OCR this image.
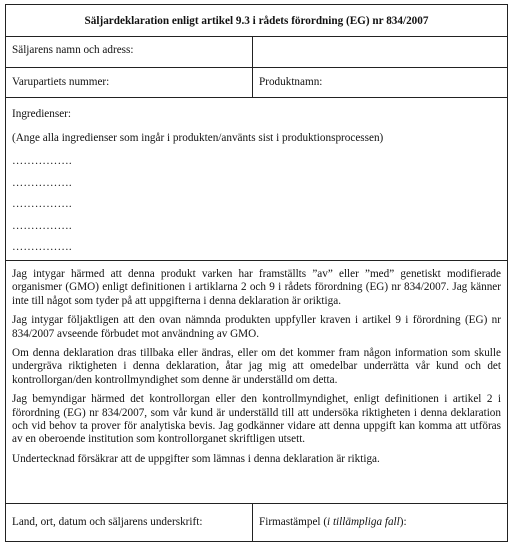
Säljardeklaration enligt artikel 9.3 i rådets förordning (EG) nr 834/2007
Säljarens namn och adress:
Varupartiets nummer:	Produktnamn:
Ingredienser:
(Ange alla ingredienser som ingår i produkten/använts sist i produktionsprocessen)
…………….
…………….
…………….
…………….
…………….

Jag intygar härmed att denna produkt varken har framställts ”av” eller ”med” genetiskt modifierade organismer (GMO) enligt definitionen i artiklarna 2 och 9 i rådets förordning (EG) nr 834/2007. Jag känner inte till något som tyder på att uppgifterna i denna deklaration är oriktiga.

Jag intygar följaktligen att den ovan nämnda produkten uppfyller kraven i artikel 9 i förordning (EG) nr 834/2007 avseende förbudet mot användning av GMO.

Om denna deklaration dras tillbaka eller ändras, eller om det kommer fram någon information som skulle undergräva riktigheten i denna deklaration, åtar jag mig att omedelbar underrätta vår kund och det kontrollorgan/den kontrollmyndighet som denne är underställd om detta.

Jag bemyndigar härmed det kontrollorgan eller den kontrollmyndighet, enligt definitionen i artikel 2 i förordning (EG) nr 834/2007, som vår kund är underställd till att undersöka riktigheten i denna deklaration och vid behov ta prover för analytiska bevis. Jag godkänner vidare att denna uppgift kan komma att utföras av en oberoende institution som kontrollorganet skriftligen utsett.

Undertecknad försäkrar att de uppgifter som lämnas i denna deklaration är riktiga.

Land, ort, datum och säljarens underskrift:	Firmastämpel (i tillämpliga fall):
